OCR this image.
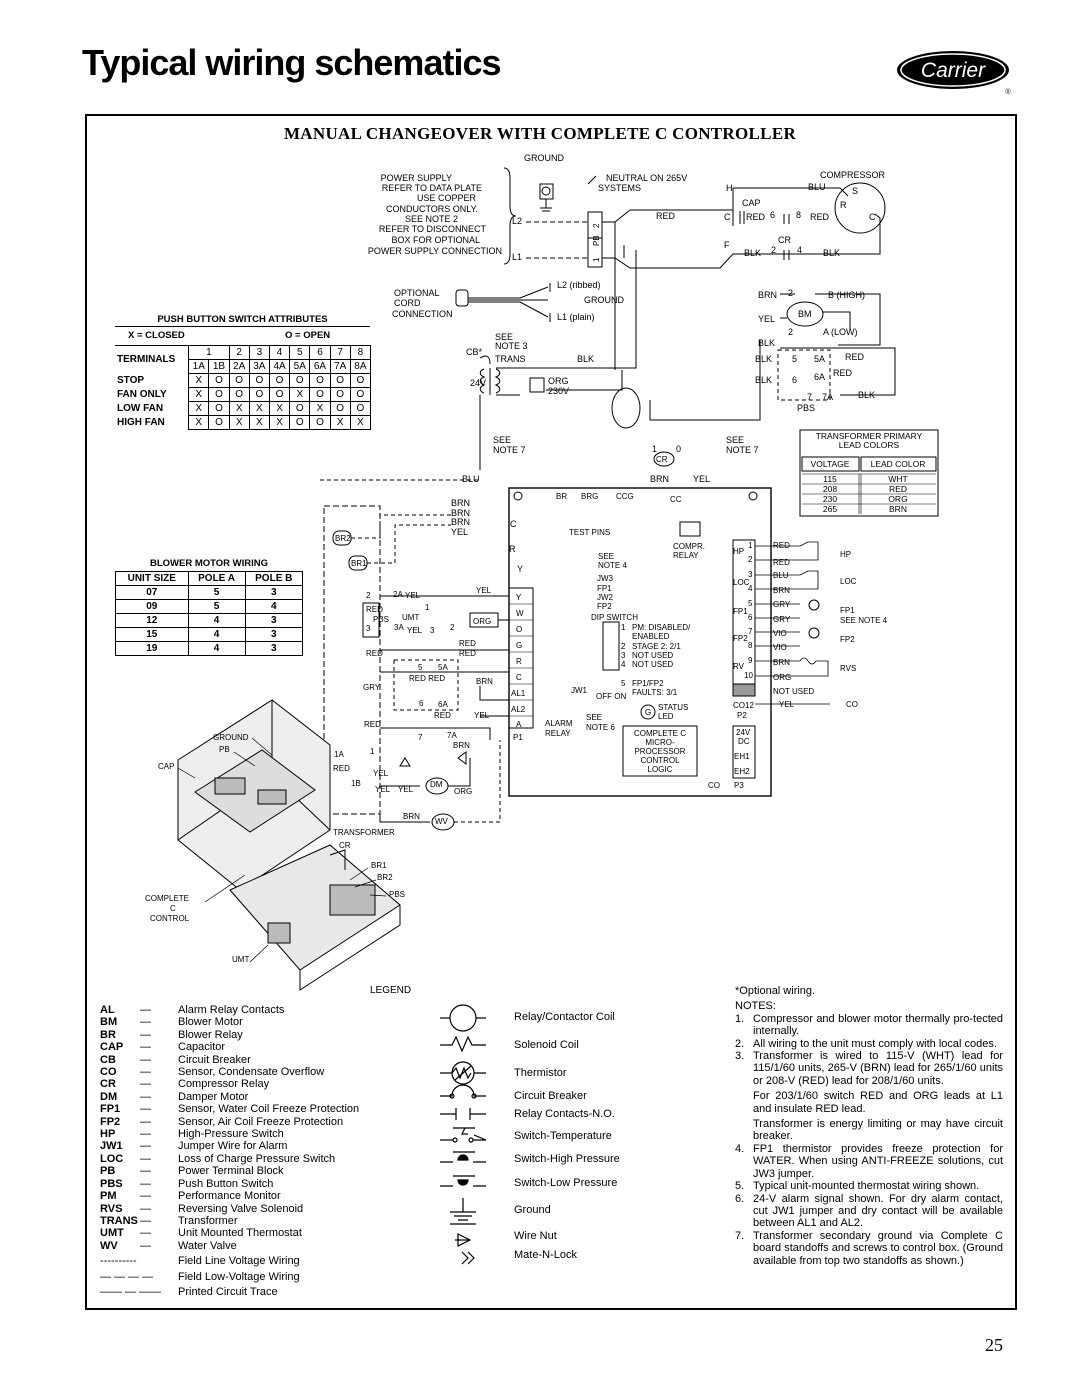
Typical wiring schematics	Carrier
®
MANUAL CHANGEOVER WITH COMPLETE C CONTROLLER
GROUND
POWER SUPPLY
REFER TO DATA PLATE
USE COPPER
CONDUCTORS ONLY.
SEE NOTE 2
REFER TO DISCONNECT
BOX FOR OPTIONAL
POWER SUPPLY CONNECTION
NEUTRAL ON 265V
SYSTEMS
L2
L1
2
PB
1
RED
COMPRESSOR
S
R
C
H	BLU
CAP
C RED 6 8 RED
F	CR
BLK 2 4 BLK
OPTIONAL
CORD
CONNECTION
L2 (ribbed)
GROUND
L1 (plain)
SEE
NOTE 3
CB*
TRANS	BLK
24V	ORG
230V
BRN 2	B (HIGH)
BM
YEL
2	A (LOW)
BLK
BLK 5 5A RED
BLK 6 6A RED
7 7A	BLK
PBS
TRANSFORMER PRIMARY
LEAD COLORS
VOLTAGE LEAD COLOR
115	WHT
208	RED
230	ORG
265	BRN
SEE
NOTE 7
SEE
NOTE 7
1 0
CR
BLU	BRN	YEL
BR BRG CCG	CC
BRN
BRN
BRN
YEL
C
TEST PINS
COMPR.
RELAY
BR2
BR1
R
Y
SEE
NOTE 4
JW3
FP1
JW2
FP2
DIP SWITCH
1 PM: DISABLED/
ENABLED
2 STAGE 2: 2/1
3 NOT USED
4 NOT USED
5 FP1/FP2
FAULTS: 3/1
OFF ON
JW1
STATUS
LED
SEE
NOTE 6
ALARM
RELAY
G
COMPLETE C
MICRO-
PROCESSOR
CONTROL
LOGIC
Y
W
O
G
R
C
AL1
AL2
A
P1
HP
LOC
FP1
FP2
RV
1
2
3
4
5
6
7
8
9
10
CO12
P2
24V
DC
EH1
EH2
CO P3
RED
RED
BLU
BRN
GRY
GRY
VIO
VIO
BRN
ORG
HP
LOC
FP1
SEE NOTE 4
FP2
RVS
NOT USED
YEL	CO
2	2A YEL
RED	1
PBS UMT
3	3A YEL 3 2
ORG
RED
RED	RED
5 5A
RED RED	BRN
GRY
6 6A
RED	YEL
RED
7	7A
BRN
1A	1
RED
YEL
1B
YEL YEL
DM
ORG
BRN
WV
TRANSFORMER
CR
YEL
GROUND
PB
CAP
COMPLETE
C
CONTROL
UMT
BR1
BR2
PBS
LEGEND
Relay/Contactor Coil
Solenoid Coil
Thermistor
Circuit Breaker
Relay Contacts-N.O.
Switch-Temperature
Switch-High Pressure
Switch-Low Pressure
Ground
Wire Nut
Mate-N-Lock
PUSH BUTTON SWITCH ATTRIBUTES
X = CLOSED	O = OPEN
TERMINALS	1		2	3	4	5	6	7	8
	1A	1B	2A	3A	4A	5A	6A	7A	8A
STOP	X	O	O	O	O	O	O	O	O
FAN ONLY	X	O	O	O	O	X	O	O	O
LOW FAN	X	O	X	X	X	O	X	O	O
HIGH FAN	X	O	X	X	X	O	O	X	X
BLOWER MOTOR WIRING
UNIT SIZE	POLE A	POLE B
07	5	3
09	5	4
12	4	3
15	4	3
19	4	3
AL — Alarm Relay Contacts
BM — Blower Motor
BR — Blower Relay
CAP — Capacitor
CB — Circuit Breaker
CO — Sensor, Condensate Overflow
CR — Compressor Relay
DM — Damper Motor
FP1 — Sensor, Water Coil Freeze Protection
FP2 — Sensor, Air Coil Freeze Protection
HP — High-Pressure Switch
JW1 — Jumper Wire for Alarm
LOC — Loss of Charge Pressure Switch
PB — Power Terminal Block
PBS — Push Button Switch
PM — Performance Monitor
RVS — Reversing Valve Solenoid
TRANS — Transformer
UMT — Unit Mounted Thermostat
WV — Water Valve
----------	Field Line Voltage Wiring
— — — — Field Low-Voltage Wiring
—— — —— Printed Circuit Trace
*Optional wiring.
NOTES:
1. Compressor and blower motor thermally pro-tected internally.
2. All wiring to the unit must comply with local codes.
3. Transformer is wired to 115-V (WHT) lead for 115/1/60 units, 265-V (BRN) lead for 265/1/60 units or 208-V (RED) lead for 208/1/60 units.
For 203/1/60 switch RED and ORG leads at L1 and insulate RED lead.
Transformer is energy limiting or may have circuit breaker.
4. FP1 thermistor provides freeze protection for WATER. When using ANTI-FREEZE solutions, cut JW3 jumper.
5. Typical unit-mounted thermostat wiring shown.
6. 24-V alarm signal shown. For dry alarm contact, cut JW1 jumper and dry contact will be available between AL1 and AL2.
7. Transformer secondary ground via Complete C board standoffs and screws to control box. (Ground available from top two standoffs as shown.)
25
